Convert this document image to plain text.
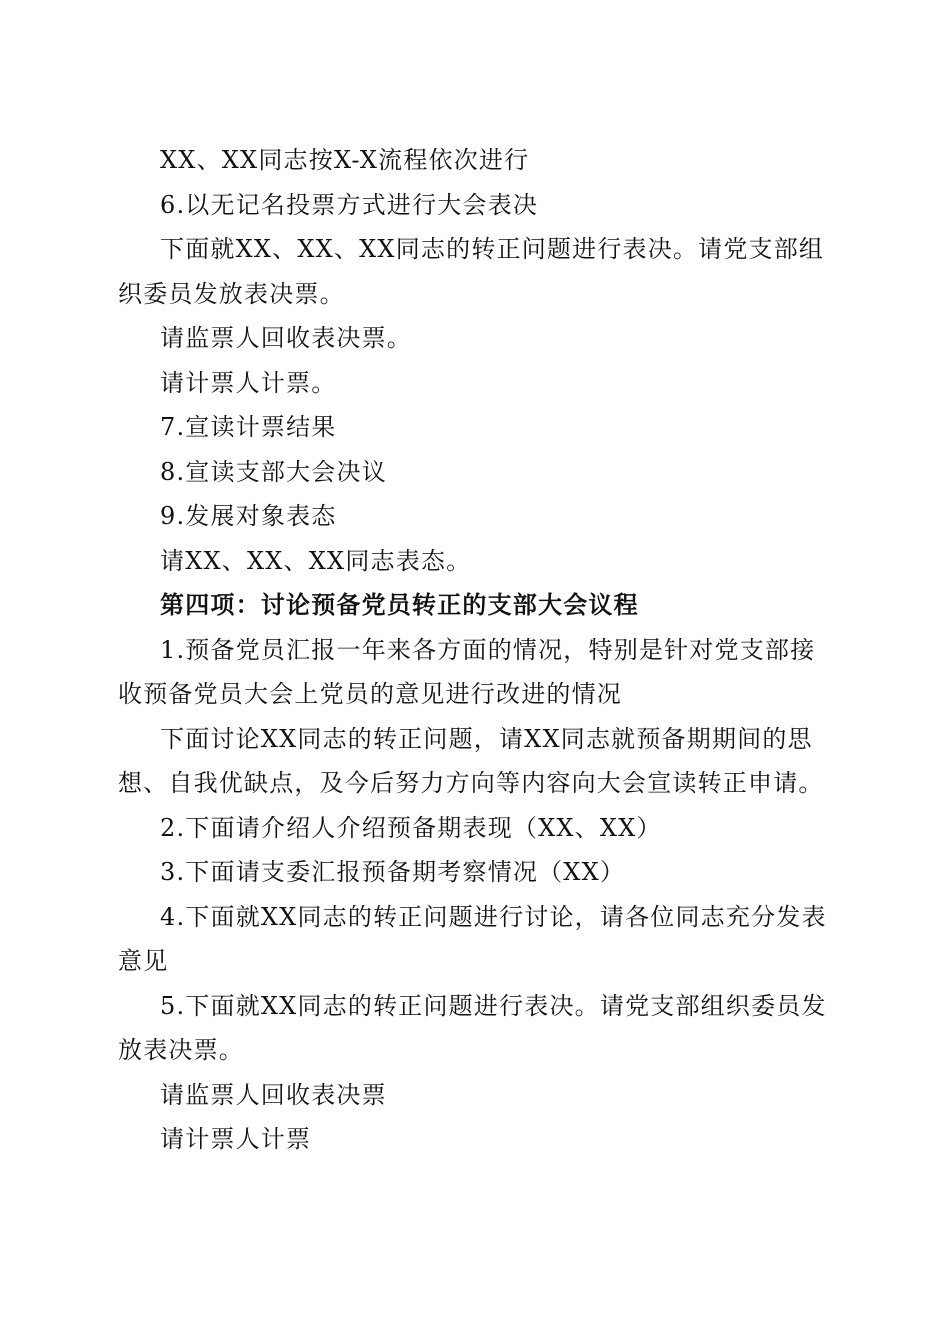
XX、XX同志按X-X流程依次进行

6.以无记名投票方式进行大会表决

下面就XX、XX、XX同志的转正问题进行表决。请党支部组织委员发放表决票。

请监票人回收表决票。

请计票人计票。

7.宣读计票结果

8.宣读支部大会决议

9.发展对象表态

请XX、XX、XX同志表态。

第四项：讨论预备党员转正的支部大会议程

1.预备党员汇报一年来各方面的情况，特别是针对党支部接收预备党员大会上党员的意见进行改进的情况

下面讨论XX同志的转正问题，请XX同志就预备期期间的思想、自我优缺点，及今后努力方向等内容向大会宣读转正申请。

2.下面请介绍人介绍预备期表现（XX、XX）

3.下面请支委汇报预备期考察情况（XX）

4.下面就XX同志的转正问题进行讨论，请各位同志充分发表意见

5.下面就XX同志的转正问题进行表决。请党支部组织委员发放表决票。

请监票人回收表决票

请计票人计票
